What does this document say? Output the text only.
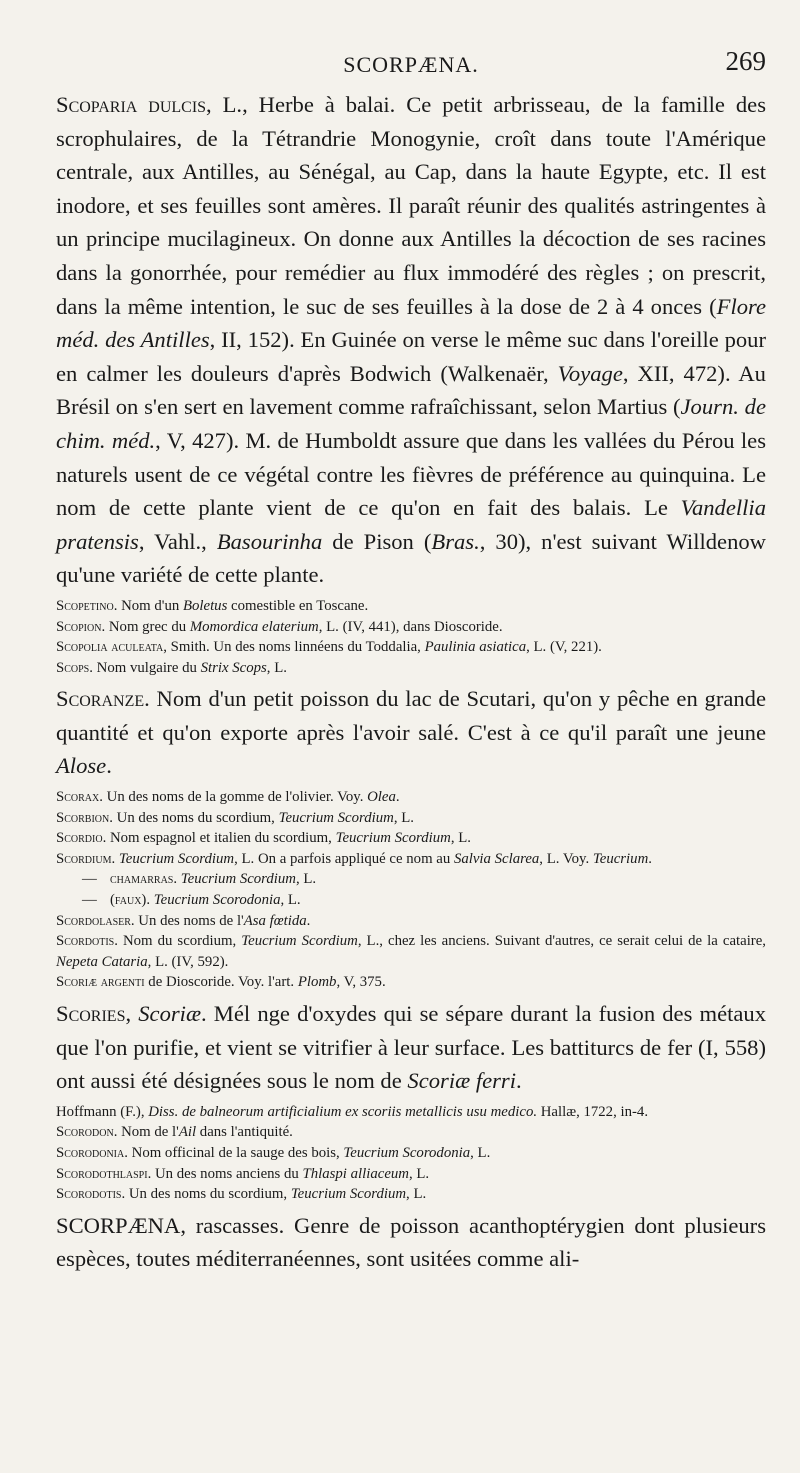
SCORPÆNA.	269

Scoparia dulcis, L., Herbe à balai. Ce petit arbrisseau, de la famille des scrophulaires, de la Tétrandrie Monogynie, croît dans toute l'Amérique centrale, aux Antilles, au Sénégal, au Cap, dans la haute Egypte, etc. Il est inodore, et ses feuilles sont amères. Il paraît réunir des qualités astringentes à un principe mucilagineux. On donne aux Antilles la décoction de ses racines dans la gonorrhée, pour remédier au flux immodéré des règles ; on prescrit, dans la même intention, le suc de ses feuilles à la dose de 2 à 4 onces (Flore méd. des Antilles, II, 152). En Guinée on verse le même suc dans l'oreille pour en calmer les douleurs d'après Bodwich (Walkenaër, Voyage, XII, 472). Au Brésil on s'en sert en lavement comme rafraîchissant, selon Martius (Journ. de chim. méd., V, 427). M. de Humboldt assure que dans les vallées du Pérou les naturels usent de ce végétal contre les fièvres de préférence au quinquina. Le nom de cette plante vient de ce qu'on en fait des balais. Le Vandellia pratensis, Vahl., Basourinha de Pison (Bras., 30), n'est suivant Willdenow qu'une variété de cette plante.

Scopetino. Nom d'un Boletus comestible en Toscane.

Scopion. Nom grec du Momordica elaterium, L. (IV, 441), dans Dioscoride.

Scopolia aculeata, Smith. Un des noms linnéens du Toddalia, Paulinia asiatica, L. (V, 221).

Scops. Nom vulgaire du Strix Scops, L.

Scoranze. Nom d'un petit poisson du lac de Scutari, qu'on y pêche en grande quantité et qu'on exporte après l'avoir salé. C'est à ce qu'il paraît une jeune Alose.

Scorax. Un des noms de la gomme de l'olivier. Voy. Olea.

Scorbion. Un des noms du scordium, Teucrium Scordium, L.

Scordio. Nom espagnol et italien du scordium, Teucrium Scordium, L.

Scordium. Teucrium Scordium, L. On a parfois appliqué ce nom au Salvia Sclarea, L. Voy. Teucrium.

— chamarras. Teucrium Scordium, L.

— (faux). Teucrium Scorodonia, L.

Scordolaser. Un des noms de l'Asa fœtida.

Scordotis. Nom du scordium, Teucrium Scordium, L., chez les anciens. Suivant d'autres, ce serait celui de la cataire, Nepeta Cataria, L. (IV, 592).

Scoriæ argenti de Dioscoride. Voy. l'art. Plomb, V, 375.

Scories, Scoriæ. Mél nge d'oxydes qui se sépare durant la fusion des métaux que l'on purifie, et vient se vitrifier à leur surface. Les battiturcs de fer (I, 558) ont aussi été désignées sous le nom de Scoriæ ferri.

Hoffmann (F.), Diss. de balneorum artificialium ex scoriis metallicis usu medico. Hallæ, 1722, in-4.

Scorodon. Nom de l'Ail dans l'antiquité.

Scorodonia. Nom officinal de la sauge des bois, Teucrium Scorodonia, L.

Scorodothlaspi. Un des noms anciens du Thlaspi alliaceum, L.

Scorodotis. Un des noms du scordium, Teucrium Scordium, L.

SCORPÆNA, rascasses. Genre de poisson acanthoptérygien dont plusieurs espèces, toutes méditerranéennes, sont usitées comme ali-
